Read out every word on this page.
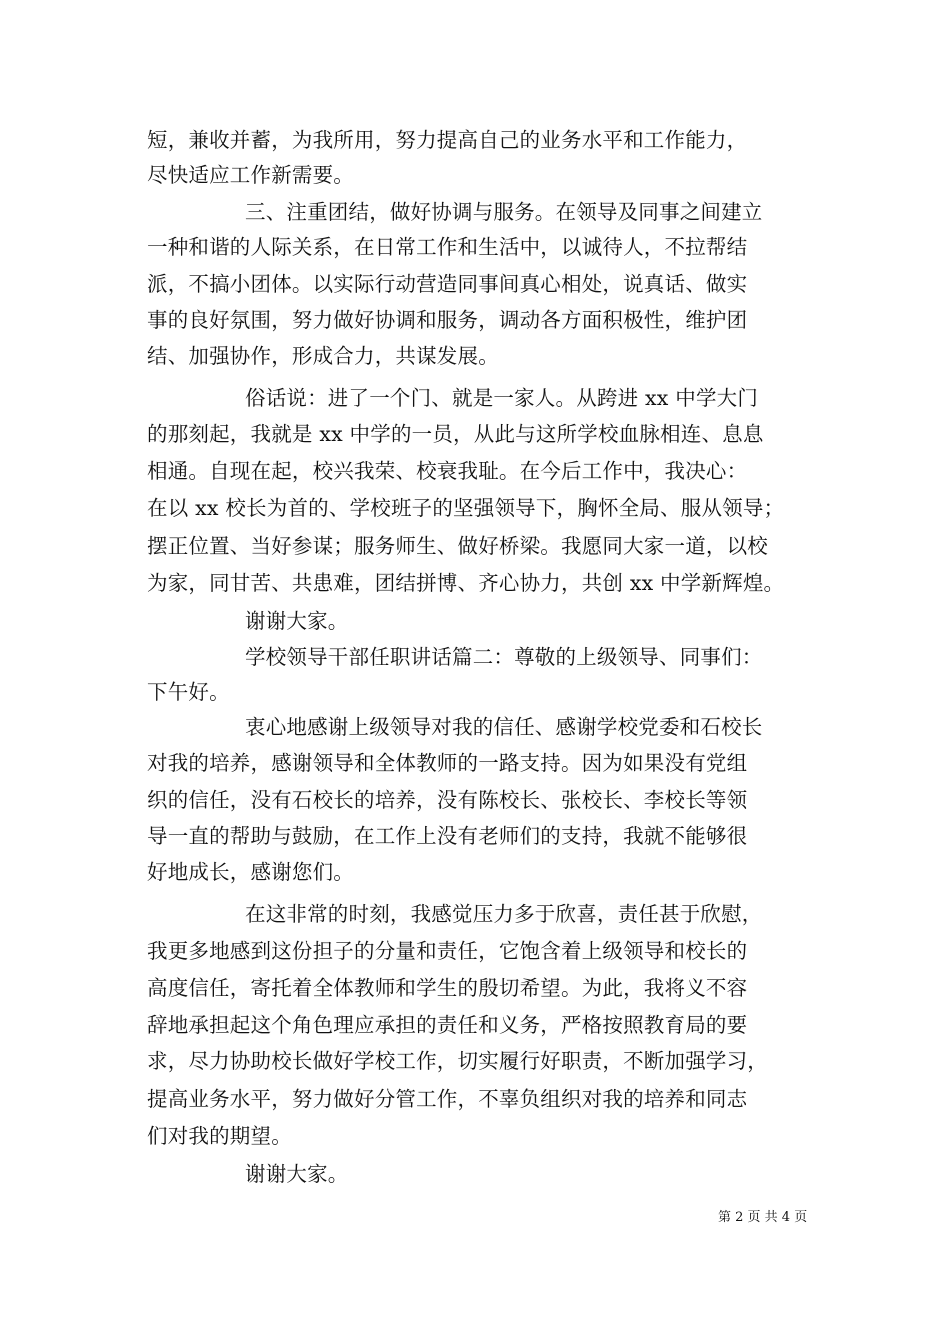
短，兼收并蓄，为我所用，努力提高自己的业务水平和工作能力，
尽快适应工作新需要。
三、注重团结，做好协调与服务。在领导及同事之间建立
一种和谐的人际关系，在日常工作和生活中，以诚待人，不拉帮结
派，不搞小团体。以实际行动营造同事间真心相处，说真话、做实
事的良好氛围，努力做好协调和服务，调动各方面积极性，维护团
结、加强协作，形成合力，共谋发展。
俗话说：进了一个门、就是一家人。从跨进 xx 中学大门
的那刻起，我就是 xx 中学的一员，从此与这所学校血脉相连、息息
相通。自现在起，校兴我荣、校衰我耻。在今后工作中，我决心：
在以 xx 校长为首的、学校班子的坚强领导下，胸怀全局、服从领导；
摆正位置、当好参谋；服务师生、做好桥梁。我愿同大家一道，以校
为家，同甘苦、共患难，团结拼博、齐心协力，共创 xx 中学新辉煌。
谢谢大家。
学校领导干部任职讲话篇二：尊敬的上级领导、同事们：
下午好。
衷心地感谢上级领导对我的信任、感谢学校党委和石校长
对我的培养，感谢领导和全体教师的一路支持。因为如果没有党组
织的信任，没有石校长的培养，没有陈校长、张校长、李校长等领
导一直的帮助与鼓励，在工作上没有老师们的支持，我就不能够很
好地成长，感谢您们。
在这非常的时刻，我感觉压力多于欣喜，责任甚于欣慰，
我更多地感到这份担子的分量和责任，它饱含着上级领导和校长的
高度信任，寄托着全体教师和学生的殷切希望。为此，我将义不容
辞地承担起这个角色理应承担的责任和义务，严格按照教育局的要
求，尽力协助校长做好学校工作，切实履行好职责，不断加强学习，
提高业务水平，努力做好分管工作，不辜负组织对我的培养和同志
们对我的期望。
谢谢大家。
第 2 页 共 4 页
